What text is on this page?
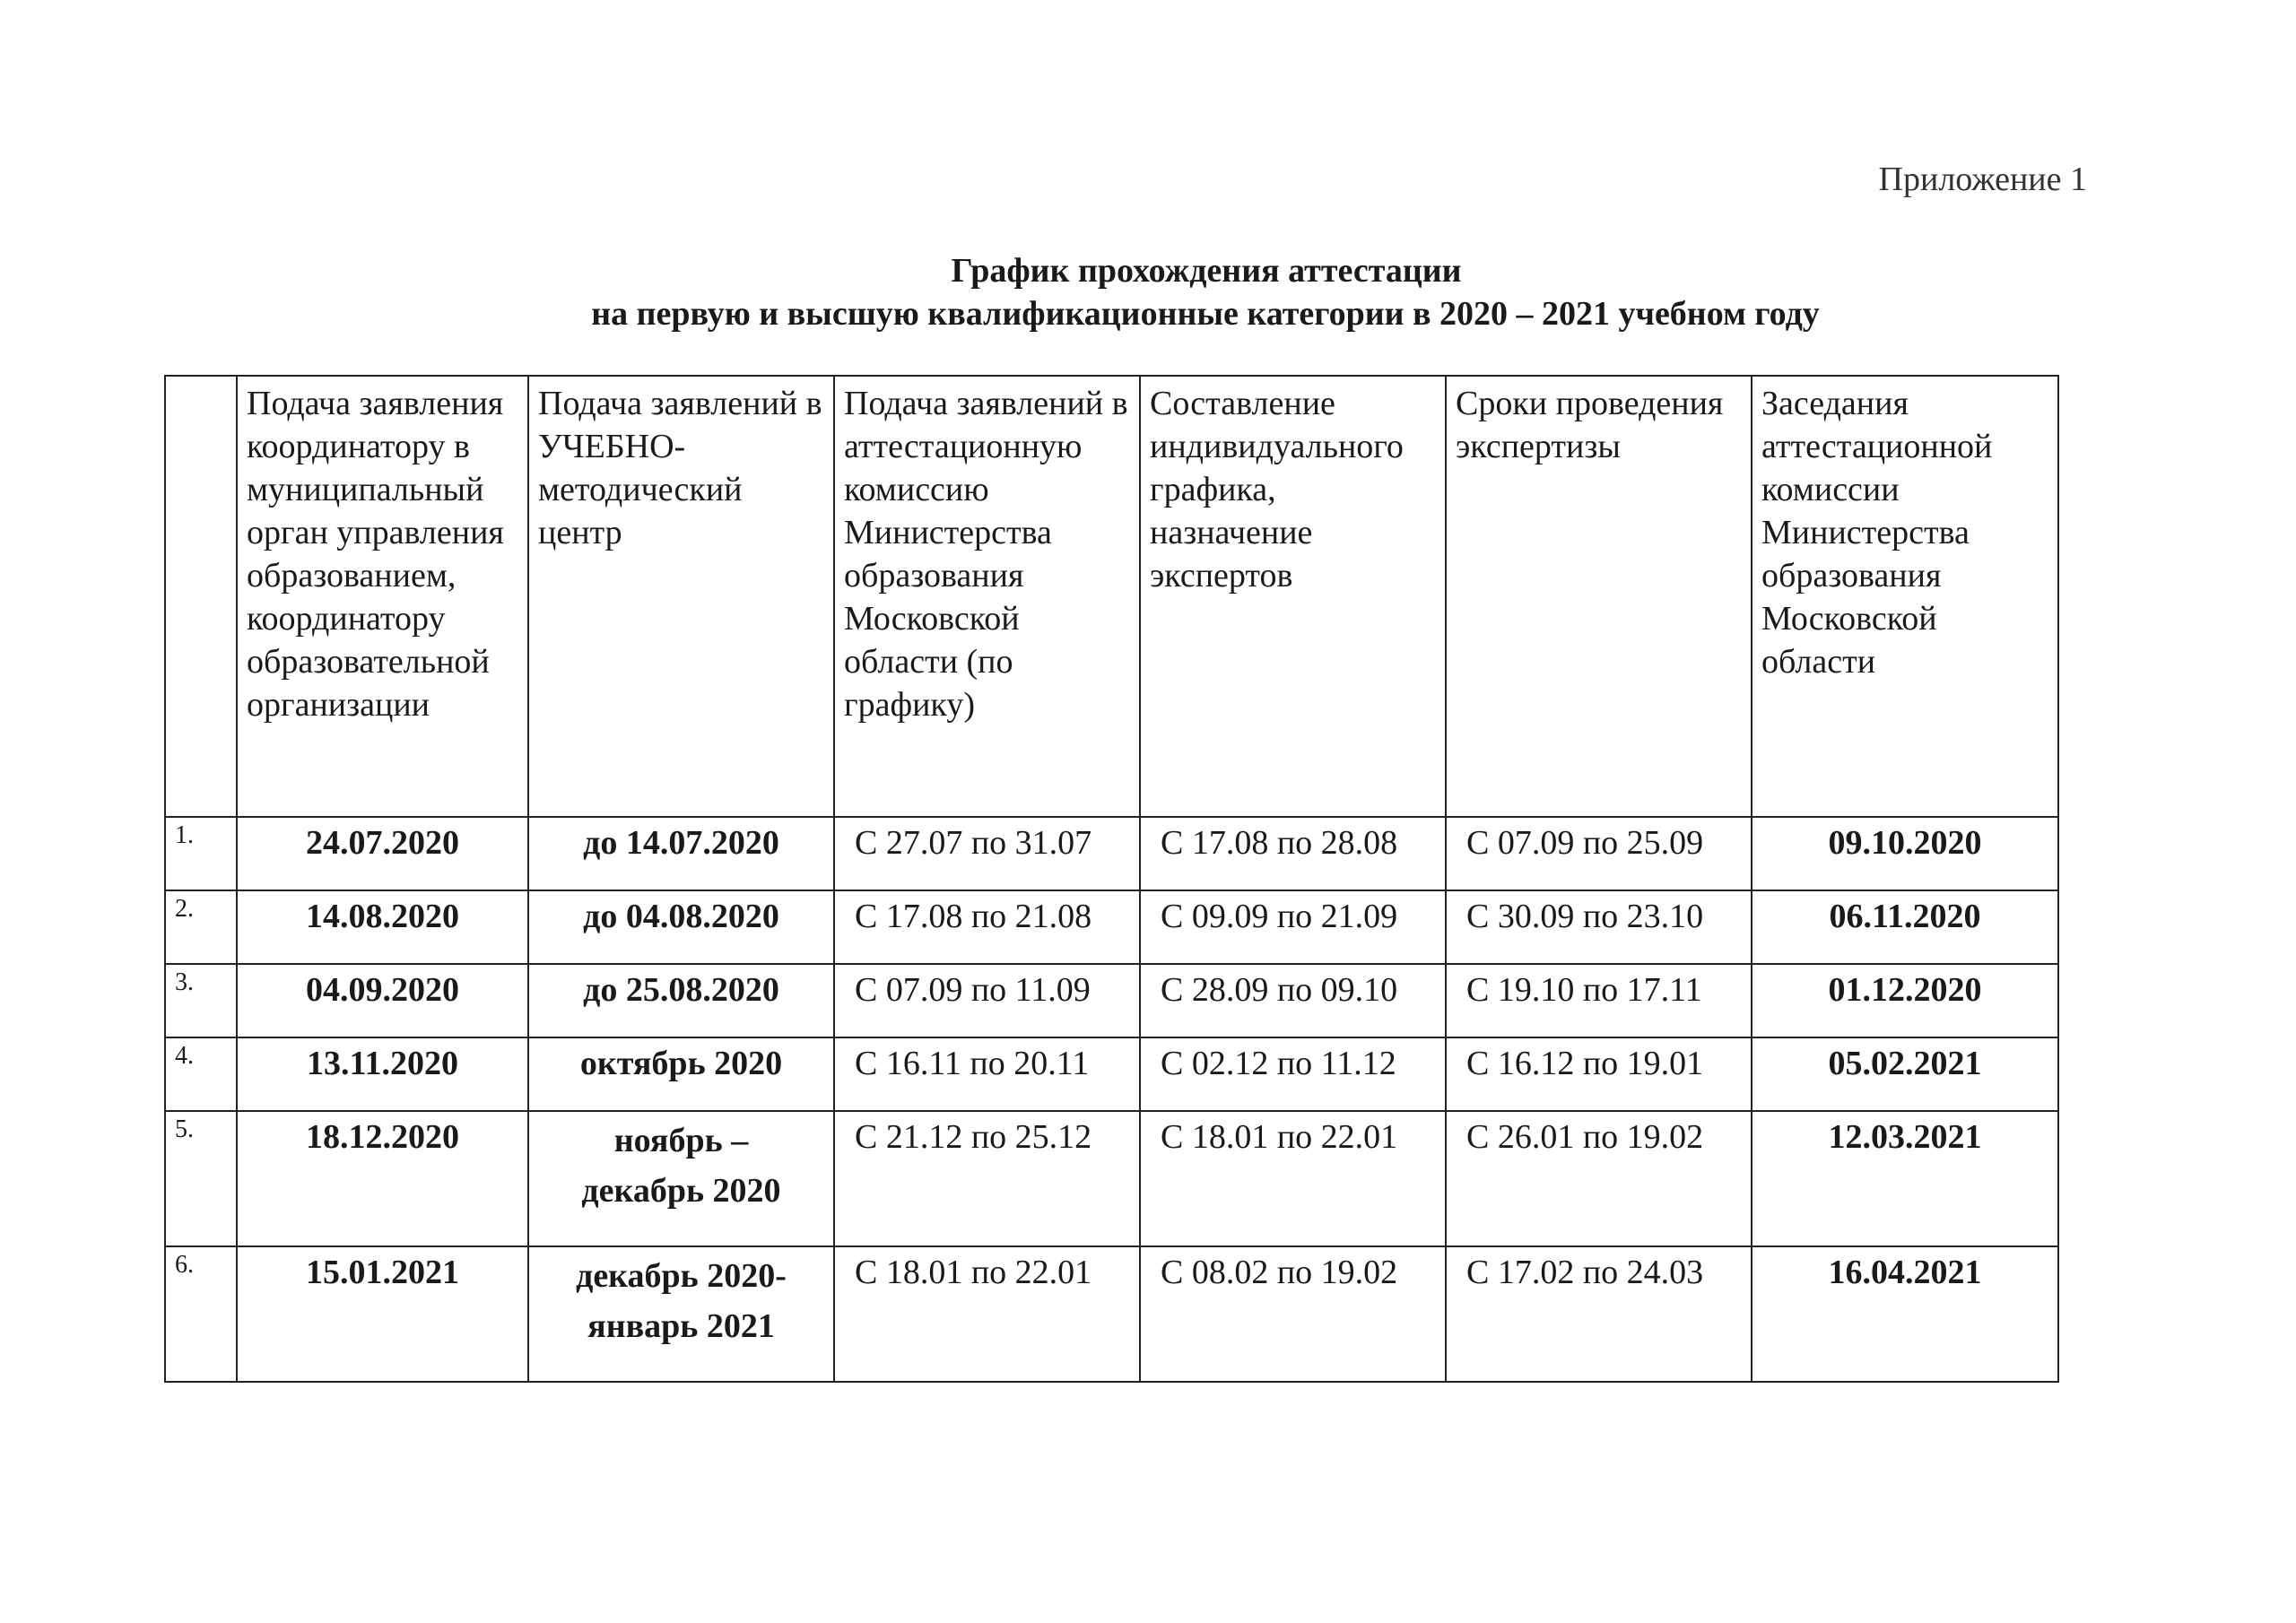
Приложение 1
График прохождения аттестации
на первую и высшую квалификационные категории в 2020 – 2021 учебном году
	Подача заявления координатору в муниципальный орган управления образованием, координатору образовательной организации	Подача заявлений в УЧЕБНО-методический центр	Подача заявлений в аттестационную комиссию Министерства образования Московской области (по графику)	Составление индивидуального графика, назначение экспертов	Сроки проведения экспертизы	Заседания аттестационной комиссии Министерства образования Московской области
1.	24.07.2020	до 14.07.2020	С 27.07 по 31.07	С 17.08 по 28.08	С 07.09 по 25.09	09.10.2020

2.	14.08.2020	до 04.08.2020	С 17.08 по 21.08	С 09.09 по 21.09	С 30.09 по 23.10	06.11.2020

3.	04.09.2020	до 25.08.2020	С 07.09 по 11.09	С 28.09 по 09.10	С 19.10 по 17.11	01.12.2020

4.	13.11.2020	октябрь 2020	С 16.11 по 20.11	С 02.12 по 11.12	С 16.12 по 19.01	05.02.2021

5.	18.12.2020	ноябрь –
декабрь 2020	С 21.12 по 25.12	С 18.01 по 22.01	С 26.01 по 19.02	12.03.2021

6.	15.01.2021	декабрь 2020-
январь 2021	С 18.01 по 22.01	С 08.02 по 19.02	С 17.02 по 24.03	16.04.2021
